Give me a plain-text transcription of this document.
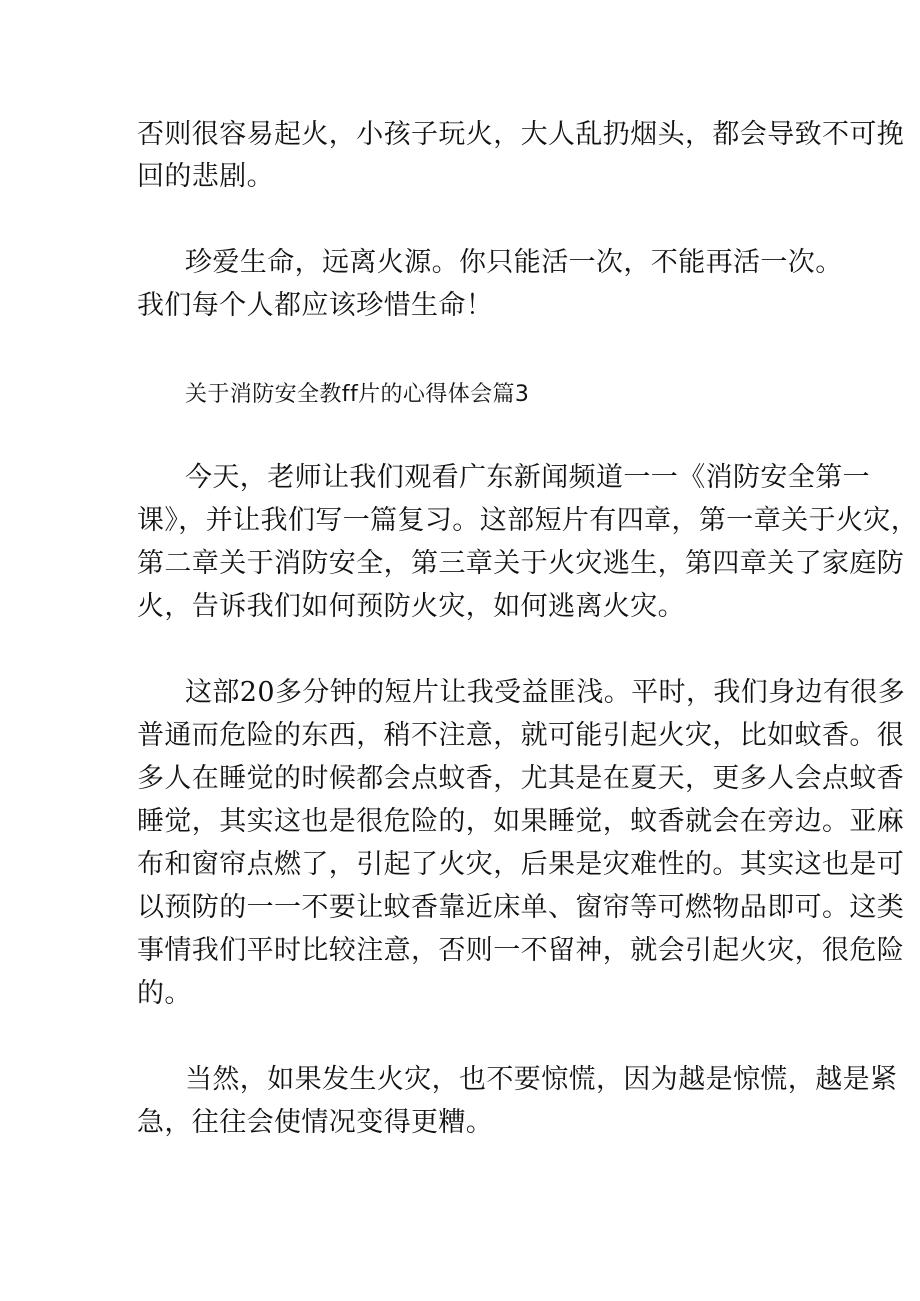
否则很容易起火，小孩子玩火，大人乱扔烟头，都会导致不可挽
回的悲剧。
珍爱生命，远离火源。你只能活一次，不能再活一次。
我们每个人都应该珍惜生命！
关于消防安全教ff片的心得体会篇3
今天，老师让我们观看广东新闻频道一一《消防安全第一
课》，并让我们写一篇复习。这部短片有四章，第一章关于火灾，
第二章关于消防安全，第三章关于火灾逃生，第四章关了家庭防
火，告诉我们如何预防火灾，如何逃离火灾。
这部20多分钟的短片让我受益匪浅。平时，我们身边有很多
普通而危险的东西，稍不注意，就可能引起火灾，比如蚊香。很
多人在睡觉的时候都会点蚊香，尤其是在夏天，更多人会点蚊香
睡觉，其实这也是很危险的，如果睡觉，蚊香就会在旁边。亚麻
布和窗帘点燃了，引起了火灾，后果是灾难性的。其实这也是可
以预防的一一不要让蚊香靠近床单、窗帘等可燃物品即可。这类
事情我们平时比较注意，否则一不留神，就会引起火灾，很危险
的。
当然，如果发生火灾，也不要惊慌，因为越是惊慌，越是紧
急，往往会使情况变得更糟。
